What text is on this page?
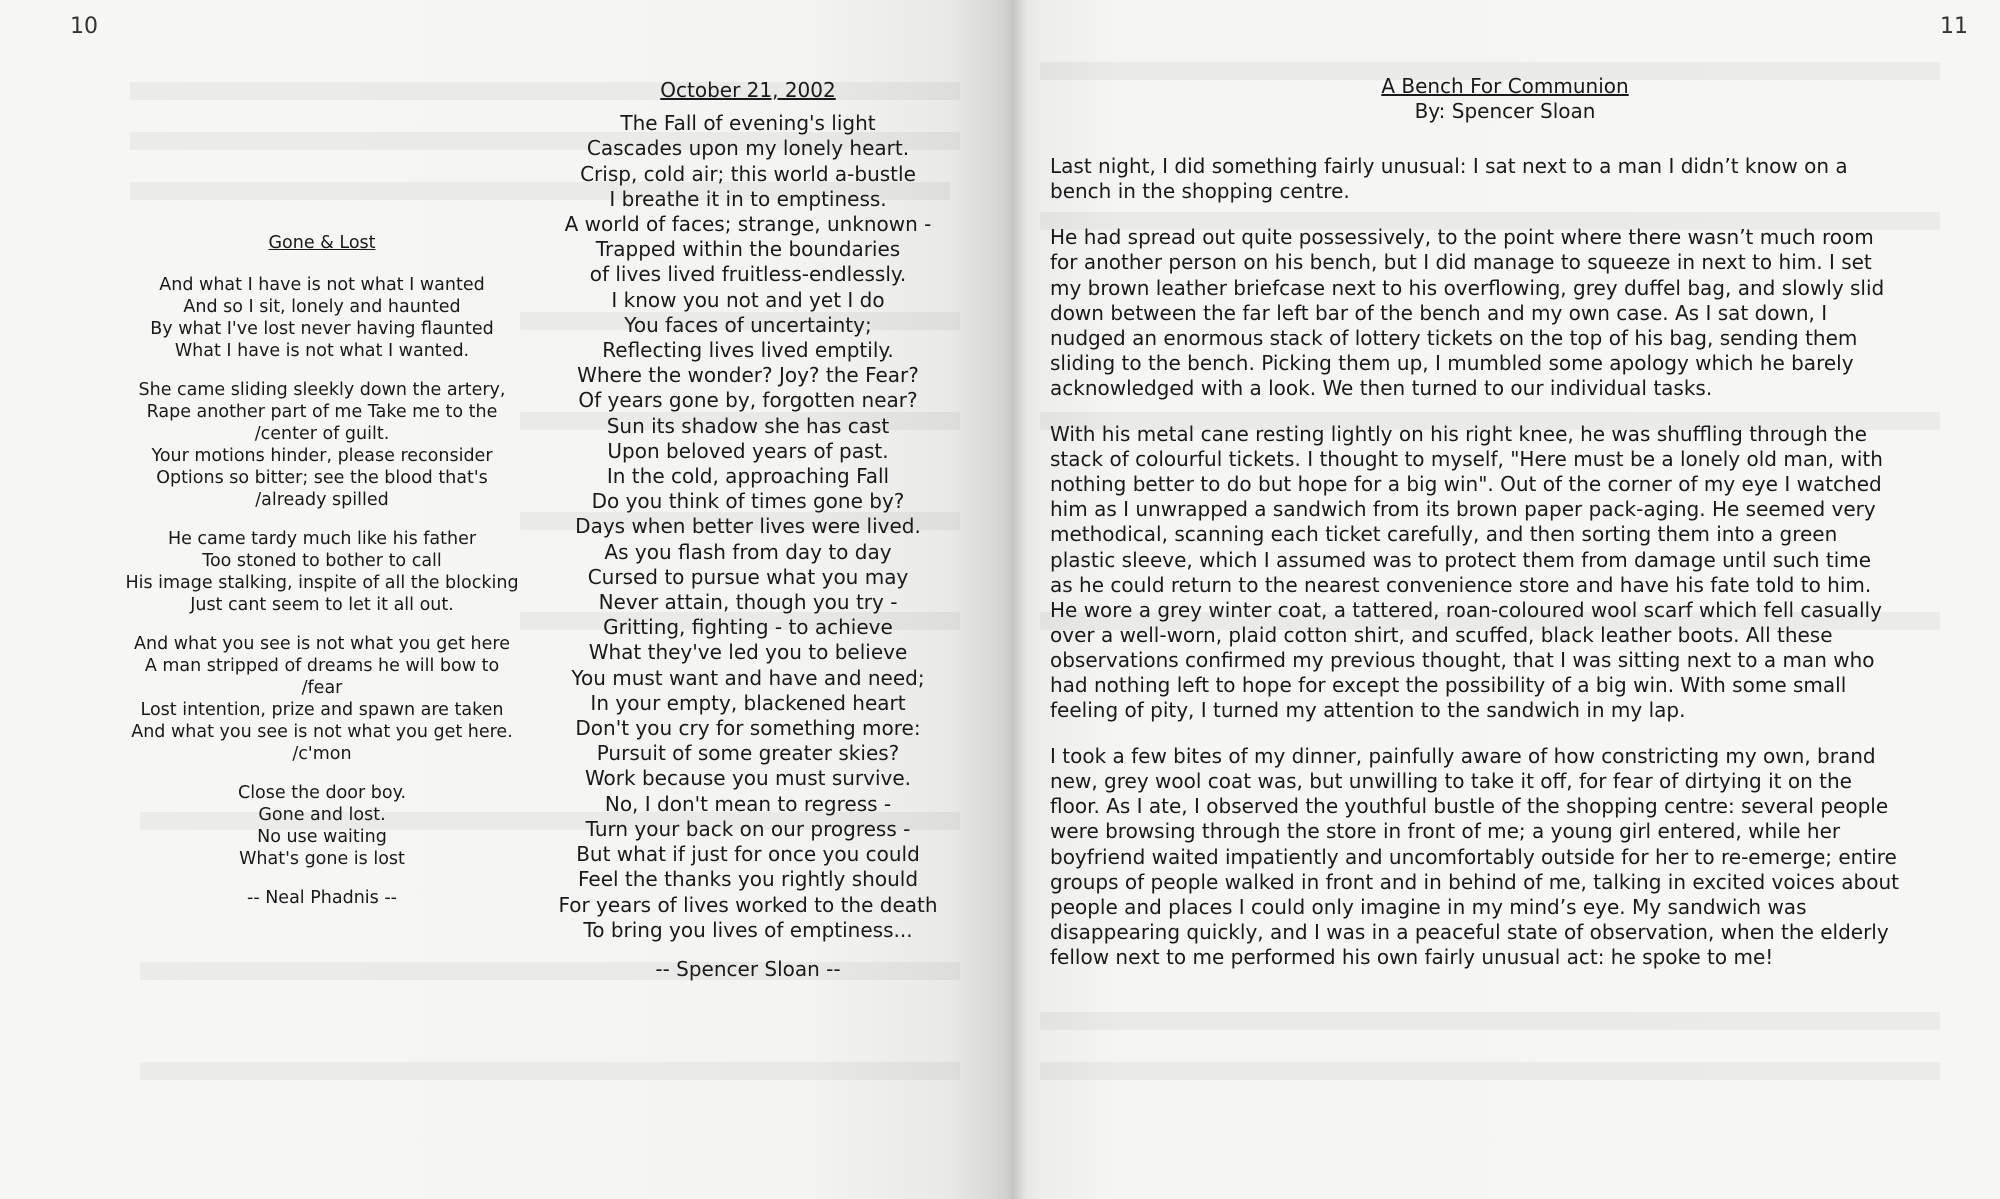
10
Gone & Lost
And what I have is not what I wanted
And so I sit, lonely and haunted
By what I've lost never having flaunted
What I have is not what I wanted.
She came sliding sleekly down the artery,
Rape another part of me Take me to the
/center of guilt.
Your motions hinder, please reconsider
Options so bitter; see the blood that's
/already spilled
He came tardy much like his father
Too stoned to bother to call
His image stalking, inspite of all the blocking
Just cant seem to let it all out.
And what you see is not what you get here
A man stripped of dreams he will bow to
/fear
Lost intention, prize and spawn are taken
And what you see is not what you get here.
/c'mon
Close the door boy.
Gone and lost.
No use waiting
What's gone is lost
-- Neal Phadnis --
October 21, 2002
The Fall of evening's light
Cascades upon my lonely heart.
Crisp, cold air; this world a-bustle
I breathe it in to emptiness.
A world of faces; strange, unknown -
Trapped within the boundaries
of lives lived fruitless-endlessly.
I know you not and yet I do
You faces of uncertainty;
Reflecting lives lived emptily.
Where the wonder? Joy? the Fear?
Of years gone by, forgotten near?
Sun its shadow she has cast
Upon beloved years of past.
In the cold, approaching Fall
Do you think of times gone by?
Days when better lives were lived.
As you flash from day to day
Cursed to pursue what you may
Never attain, though you try -
Gritting, fighting - to achieve
What they've led you to believe
You must want and have and need;
In your empty, blackened heart
Don't you cry for something more:
Pursuit of some greater skies?
Work because you must survive.
No, I don't mean to regress -
Turn your back on our progress -
But what if just for once you could
Feel the thanks you rightly should
For years of lives worked to the death
To bring you lives of emptiness...
-- Spencer Sloan --
11
A Bench For Communion
By: Spencer Sloan
Last night, I did something fairly unusual: I sat next to a man I didn’t know on a bench in the shopping centre.
He had spread out quite possessively, to the point where there wasn’t much room for another person on his bench, but I did manage to squeeze in next to him. I set my brown leather briefcase next to his overflowing, grey duffel bag, and slowly slid down between the far left bar of the bench and my own case. As I sat down, I nudged an enormous stack of lottery tickets on the top of his bag, sending them sliding to the bench. Picking them up, I mumbled some apology which he barely acknowledged with a look. We then turned to our individual tasks.
With his metal cane resting lightly on his right knee, he was shuffling through the stack of colourful tickets. I thought to myself, "Here must be a lonely old man, with nothing better to do but hope for a big win". Out of the corner of my eye I watched him as I unwrapped a sandwich from its brown paper pack-aging. He seemed very methodical, scanning each ticket carefully, and then sorting them into a green plastic sleeve, which I assumed was to protect them from damage until such time as he could return to the nearest convenience store and have his fate told to him. He wore a grey winter coat, a tattered, roan-coloured wool scarf which fell casually over a well-worn, plaid cotton shirt, and scuffed, black leather boots. All these observations confirmed my previous thought, that I was sitting next to a man who had nothing left to hope for except the possibility of a big win. With some small feeling of pity, I turned my attention to the sandwich in my lap.
I took a few bites of my dinner, painfully aware of how constricting my own, brand new, grey wool coat was, but unwilling to take it off, for fear of dirtying it on the floor. As I ate, I observed the youthful bustle of the shopping centre: several people were browsing through the store in front of me; a young girl entered, while her boyfriend waited impatiently and uncomfortably outside for her to re-emerge; entire groups of people walked in front and in behind of me, talking in excited voices about people and places I could only imagine in my mind’s eye. My sandwich was disappearing quickly, and I was in a peaceful state of observation, when the elderly fellow next to me performed his own fairly unusual act: he spoke to me!
